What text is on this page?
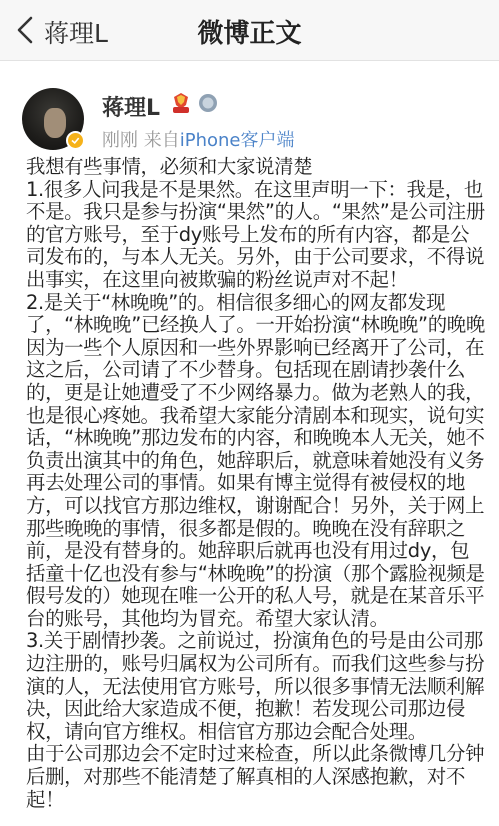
蒋理L	微博正文
蒋理L
刚刚 来自iPhone客户端

我想有些事情，必须和大家说清楚

1.很多人问我是不是果然。在这里声明一下：我是，也不是。我只是参与扮演“果然”的人。“果然”是公司注册的官方账号，至于dy账号上发布的所有内容，都是公司发布的，与本人无关。另外，由于公司要求，不得说出事实，在这里向被欺骗的粉丝说声对不起！

2.是关于“林晚晚”的。相信很多细心的网友都发现了，“林晚晚”已经换人了。一开始扮演“林晚晚”的晚晚因为一些个人原因和一些外界影响已经离开了公司，在这之后，公司请了不少替身。包括现在剧请抄袭什么的，更是让她遭受了不少网络暴力。做为老熟人的我，也是很心疼她。我希望大家能分清剧本和现实，说句实话，“林晚晚”那边发布的内容，和晚晚本人无关，她不负责出演其中的角色，她辞职后，就意味着她没有义务再去处理公司的事情。如果有博主觉得有被侵权的地方，可以找官方那边维权，谢谢配合！另外，关于网上那些晚晚的事情，很多都是假的。晚晚在没有辞职之前，是没有替身的。她辞职后就再也没有用过dy，包括童十亿也没有参与“林晚晚”的扮演（那个露脸视频是假号发的）她现在唯一公开的私人号，就是在某音乐平台的账号，其他均为冒充。希望大家认清。

3.关于剧情抄袭。之前说过，扮演角色的号是由公司那边注册的，账号归属权为公司所有。而我们这些参与扮演的人，无法使用官方账号，所以很多事情无法顺利解决，因此给大家造成不便，抱歉！若发现公司那边侵权，请向官方维权。相信官方那边会配合处理。

由于公司那边会不定时过来检查，所以此条微博几分钟后删，对那些不能清楚了解真相的人深感抱歉，对不起！
